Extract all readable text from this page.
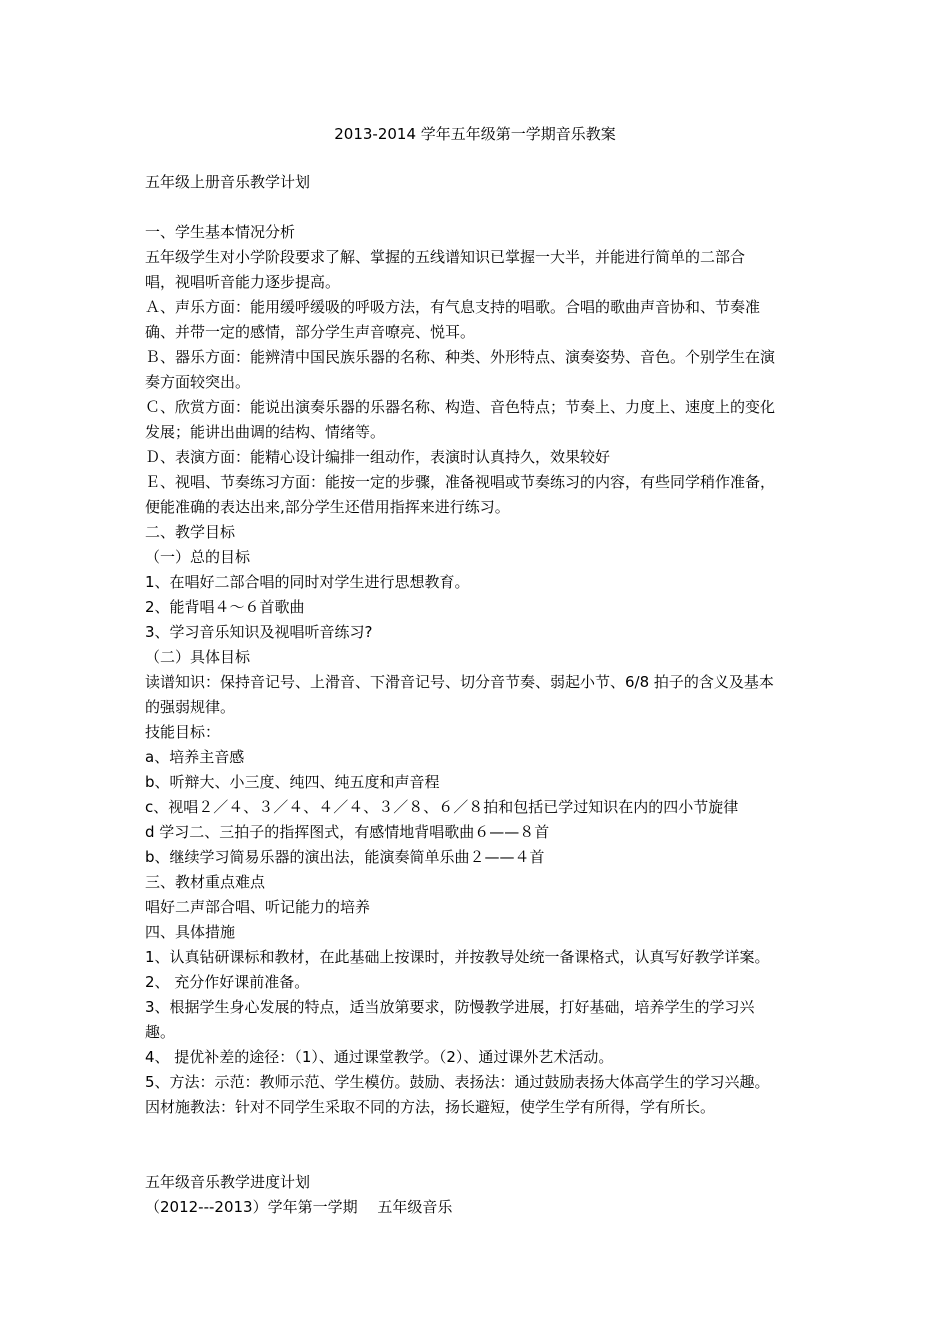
2013-2014 学年五年级第一学期音乐教案
五年级上册音乐教学计划
一、学生基本情况分析
五年级学生对小学阶段要求了解、掌握的五线谱知识已掌握一大半，并能进行简单的二部合
唱，视唱听音能力逐步提高。
Ａ、声乐方面：能用缓呼缓吸的呼吸方法，有气息支持的唱歌。合唱的歌曲声音协和、节奏准
确、并带一定的感情，部分学生声音嘹亮、悦耳。
Ｂ、器乐方面：能辨清中国民族乐器的名称、种类、外形特点、演奏姿势、音色。个别学生在演
奏方面较突出。
Ｃ、欣赏方面：能说出演奏乐器的乐器名称、构造、音色特点；节奏上、力度上、速度上的变化
发展；能讲出曲调的结构、情绪等。
Ｄ、表演方面：能精心设计编排一组动作，表演时认真持久，效果较好
Ｅ、视唱、节奏练习方面：能按一定的步骤，准备视唱或节奏练习的内容，有些同学稍作准备，
便能准确的表达出来,部分学生还借用指挥来进行练习。
二、教学目标
（一）总的目标
1、在唱好二部合唱的同时对学生进行思想教育。
2、能背唱４～６首歌曲
3、学习音乐知识及视唱听音练习?
（二）具体目标
读谱知识：保持音记号、上滑音、下滑音记号、切分音节奏、弱起小节、6/8 拍子的含义及基本
的强弱规律。
技能目标：
a、培养主音感
b、听辩大、小三度、纯四、纯五度和声音程
c、视唱２／４、３／４、４／４、３／８、６／８拍和包括已学过知识在内的四小节旋律
d 学习二、三拍子的指挥图式，有感情地背唱歌曲６——８首
b、继续学习简易乐器的演出法，能演奏简单乐曲２——４首
三、教材重点难点
唱好二声部合唱、听记能力的培养
四、具体措施
1、认真钻研课标和教材，在此基础上按课时，并按教导处统一备课格式，认真写好教学详案。
2、 充分作好课前准备。
3、根据学生身心发展的特点，适当放第要求，防慢教学进展，打好基础，培养学生的学习兴
趣。
4、 提优补差的途径：（1）、通过课堂教学。（2）、通过课外艺术活动。
5、方法：示范：教师示范、学生模仿。鼓励、表扬法：通过鼓励表扬大体高学生的学习兴趣。
因材施教法：针对不同学生采取不同的方法，扬长避短，使学生学有所得，学有所长。
五年级音乐教学进度计划
（2012---2013）学年第一学期　 五年级音乐
